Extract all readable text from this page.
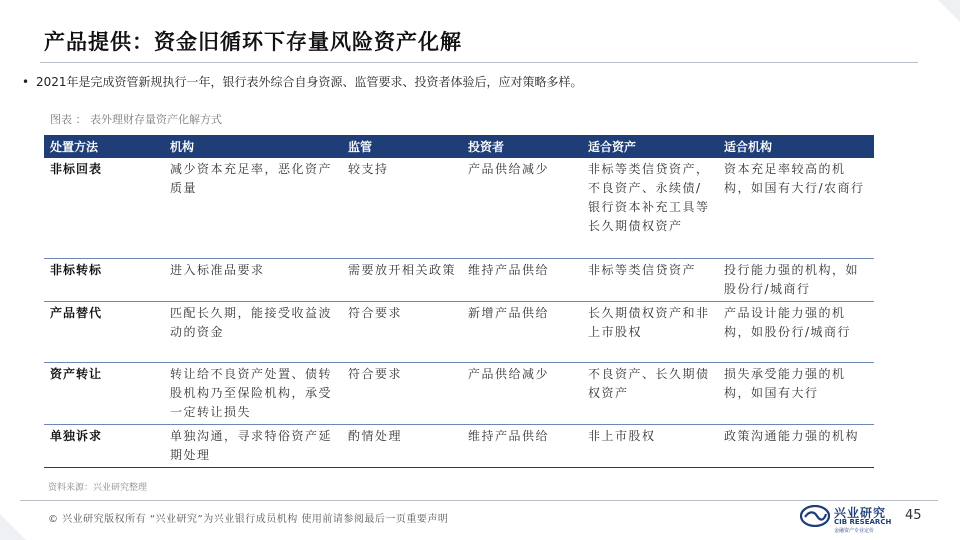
产品提供：资金旧循环下存量风险资产化解
• 2021年是完成资管新规执行一年，银行表外综合自身资源、监管要求、投资者体验后，应对策略多样。
图表 ： 表外理财存量资产化解方式
处置方法	机构	监管	投资者	适合资产	适合机构
非标回表	减少资本充足率，恶化资产质量	较支持	产品供给减少	非标等类信贷资产，不良资产、永续债/银行资本补充工具等长久期债权资产	资本充足率较高的机构，如国有大行/农商行
非标转标	进入标准品要求	需要放开相关政策	维持产品供给	非标等类信贷资产	投行能力强的机构，如股份行/城商行
产品替代	匹配长久期，能接受收益波动的资金	符合要求	新增产品供给	长久期债权资产和非上市股权	产品设计能力强的机构，如股份行/城商行
资产转让	转让给不良资产处置、债转股机构乃至保险机构，承受一定转让损失	符合要求	产品供给减少	不良资产、长久期债权资产	损失承受能力强的机构，如国有大行
单独诉求	单独沟通，寻求特俗资产延期处理	酌情处理	维持产品供给	非上市股权	政策沟通能力强的机构
资料来源：兴业研究整理
© 兴业研究版权所有 “兴业研究”为兴业银行成员机构 使用前请参阅最后一页重要声明	兴业研究
CIB RESEARCH
金融资产专业定价
45
